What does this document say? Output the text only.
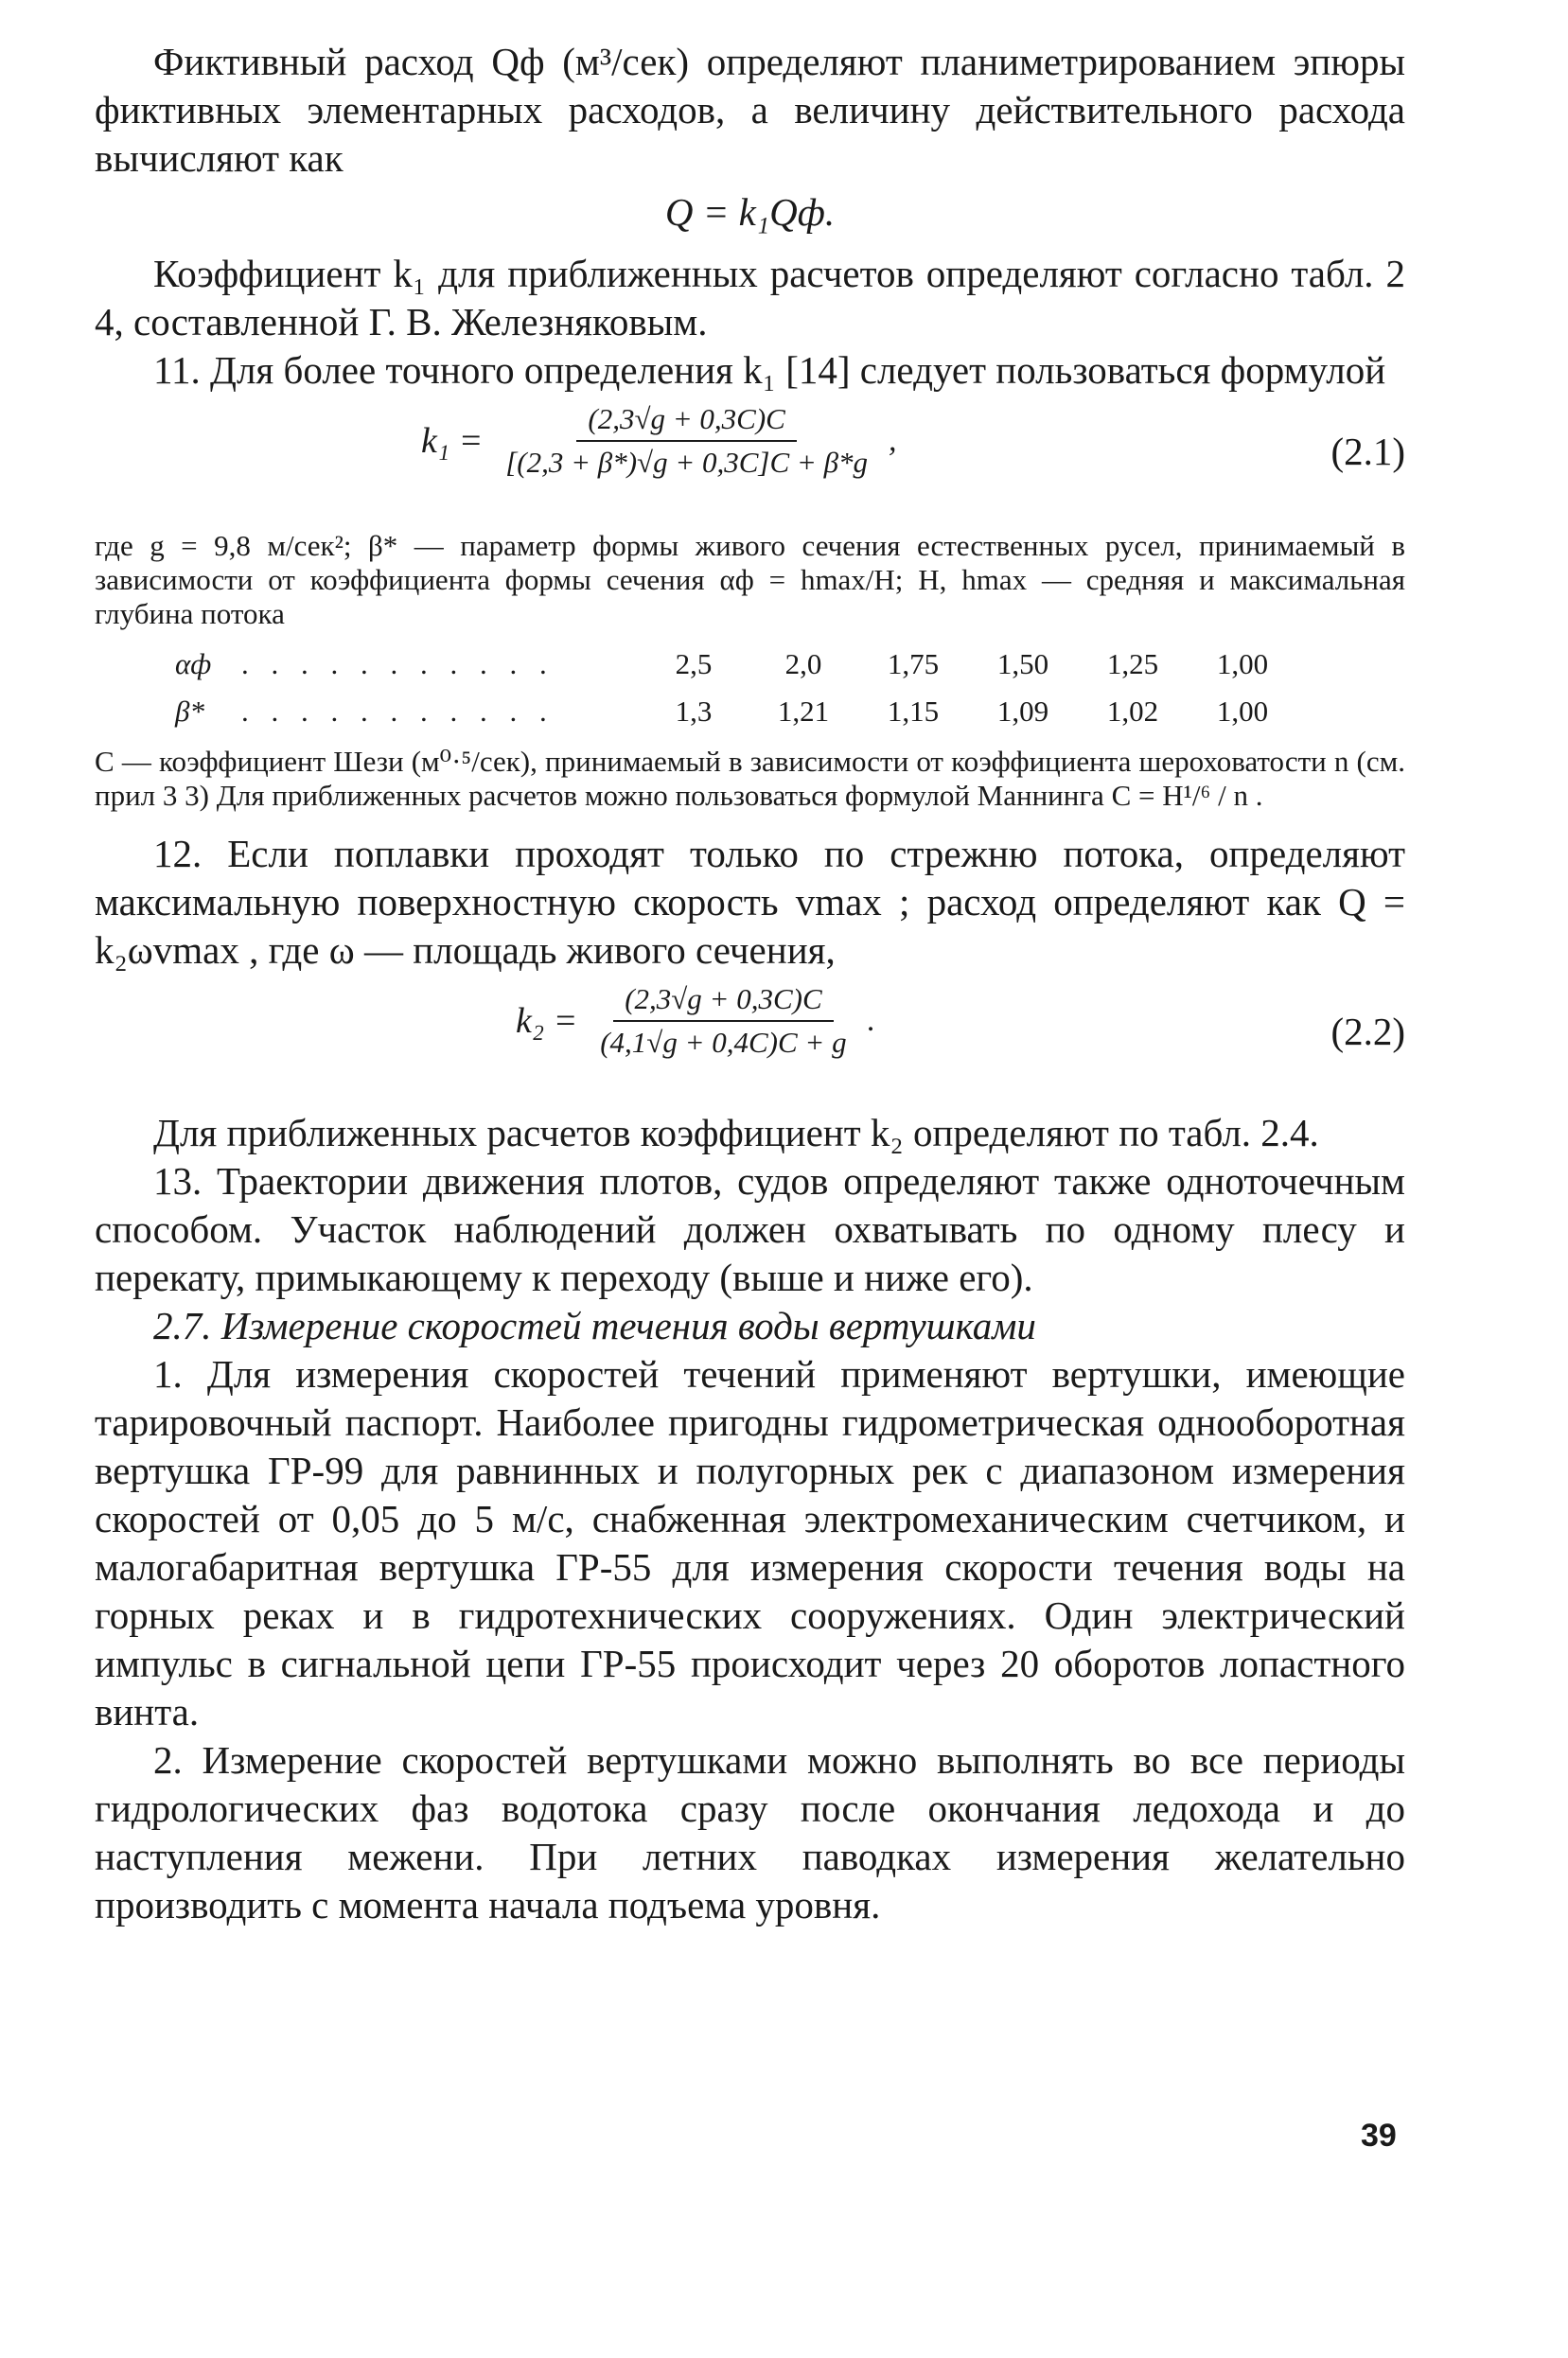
Фиктивный расход Qф (м³/сек) определяют планиметрированием эпюры фиктивных элементарных расходов, а величину действительного расхода вычисляют как

Q = k₁Qф.

Коэффициент k₁ для приближенных расчетов определяют согласно табл. 2 4, составленной Г. В. Железняковым.

11. Для более точного определения k₁ [14] следует пользоваться формулой

$k_1 = \frac{(2,3√g + 0,3C)C}{[(2,3 + \beta*)√g + 0,3C]C + \beta*g}$ ,	(2.1)

где g = 9,8 м/сек²; β* — параметр формы живого сечения естественных русел, принимаемый в зависимости от коэффициента формы сечения αф = hmax/H; H, hmax — средняя и максимальная глубина потока

αф	. . . . . . . . . . .	2,5	2,0	1,75	1,50	1,25	1,00
β*	. . . . . . . . . . .	1,3	1,21	1,15	1,09	1,02	1,00

C — коэффициент Шези (м⁰·⁵/сек), принимаемый в зависимости от коэффициента шероховатости n (см. прил 3 3) Для приближенных расчетов можно пользоваться формулой Маннинга C = H¹/⁶ / n .

12. Если поплавки проходят только по стрежню потока, определяют максимальную поверхностную скорость vmax ; расход определяют как Q = k₂ωvmax , где ω — площадь живого сечения,

$k_2 = \frac{(2,3√g + 0,3C)C}{(4,1√g + 0,4C)C + g}$ .	(2.2)

Для приближенных расчетов коэффициент k₂ определяют по табл. 2.4.

13. Траектории движения плотов, судов определяют также одноточечным способом. Участок наблюдений должен охватывать по одному плесу и перекату, примыкающему к переходу (выше и ниже его).

2.7. Измерение скоростей течения воды вертушками

1. Для измерения скоростей течений применяют вертушки, имеющие тарировочный паспорт. Наиболее пригодны гидрометрическая однооборотная вертушка ГР-99 для равнинных и полугорных рек с диапазоном измерения скоростей от 0,05 до 5 м/с, снабженная электромеханическим счетчиком, и малогабаритная вертушка ГР-55 для измерения скорости течения воды на горных реках и в гидротехнических сооружениях. Один электрический импульс в сигнальной цепи ГР-55 происходит через 20 оборотов лопастного винта.

2. Измерение скоростей вертушками можно выполнять во все периоды гидрологических фаз водотока сразу после окончания ледохода и до наступления межени. При летних паводках измерения желательно производить с момента начала подъема уровня.

39
